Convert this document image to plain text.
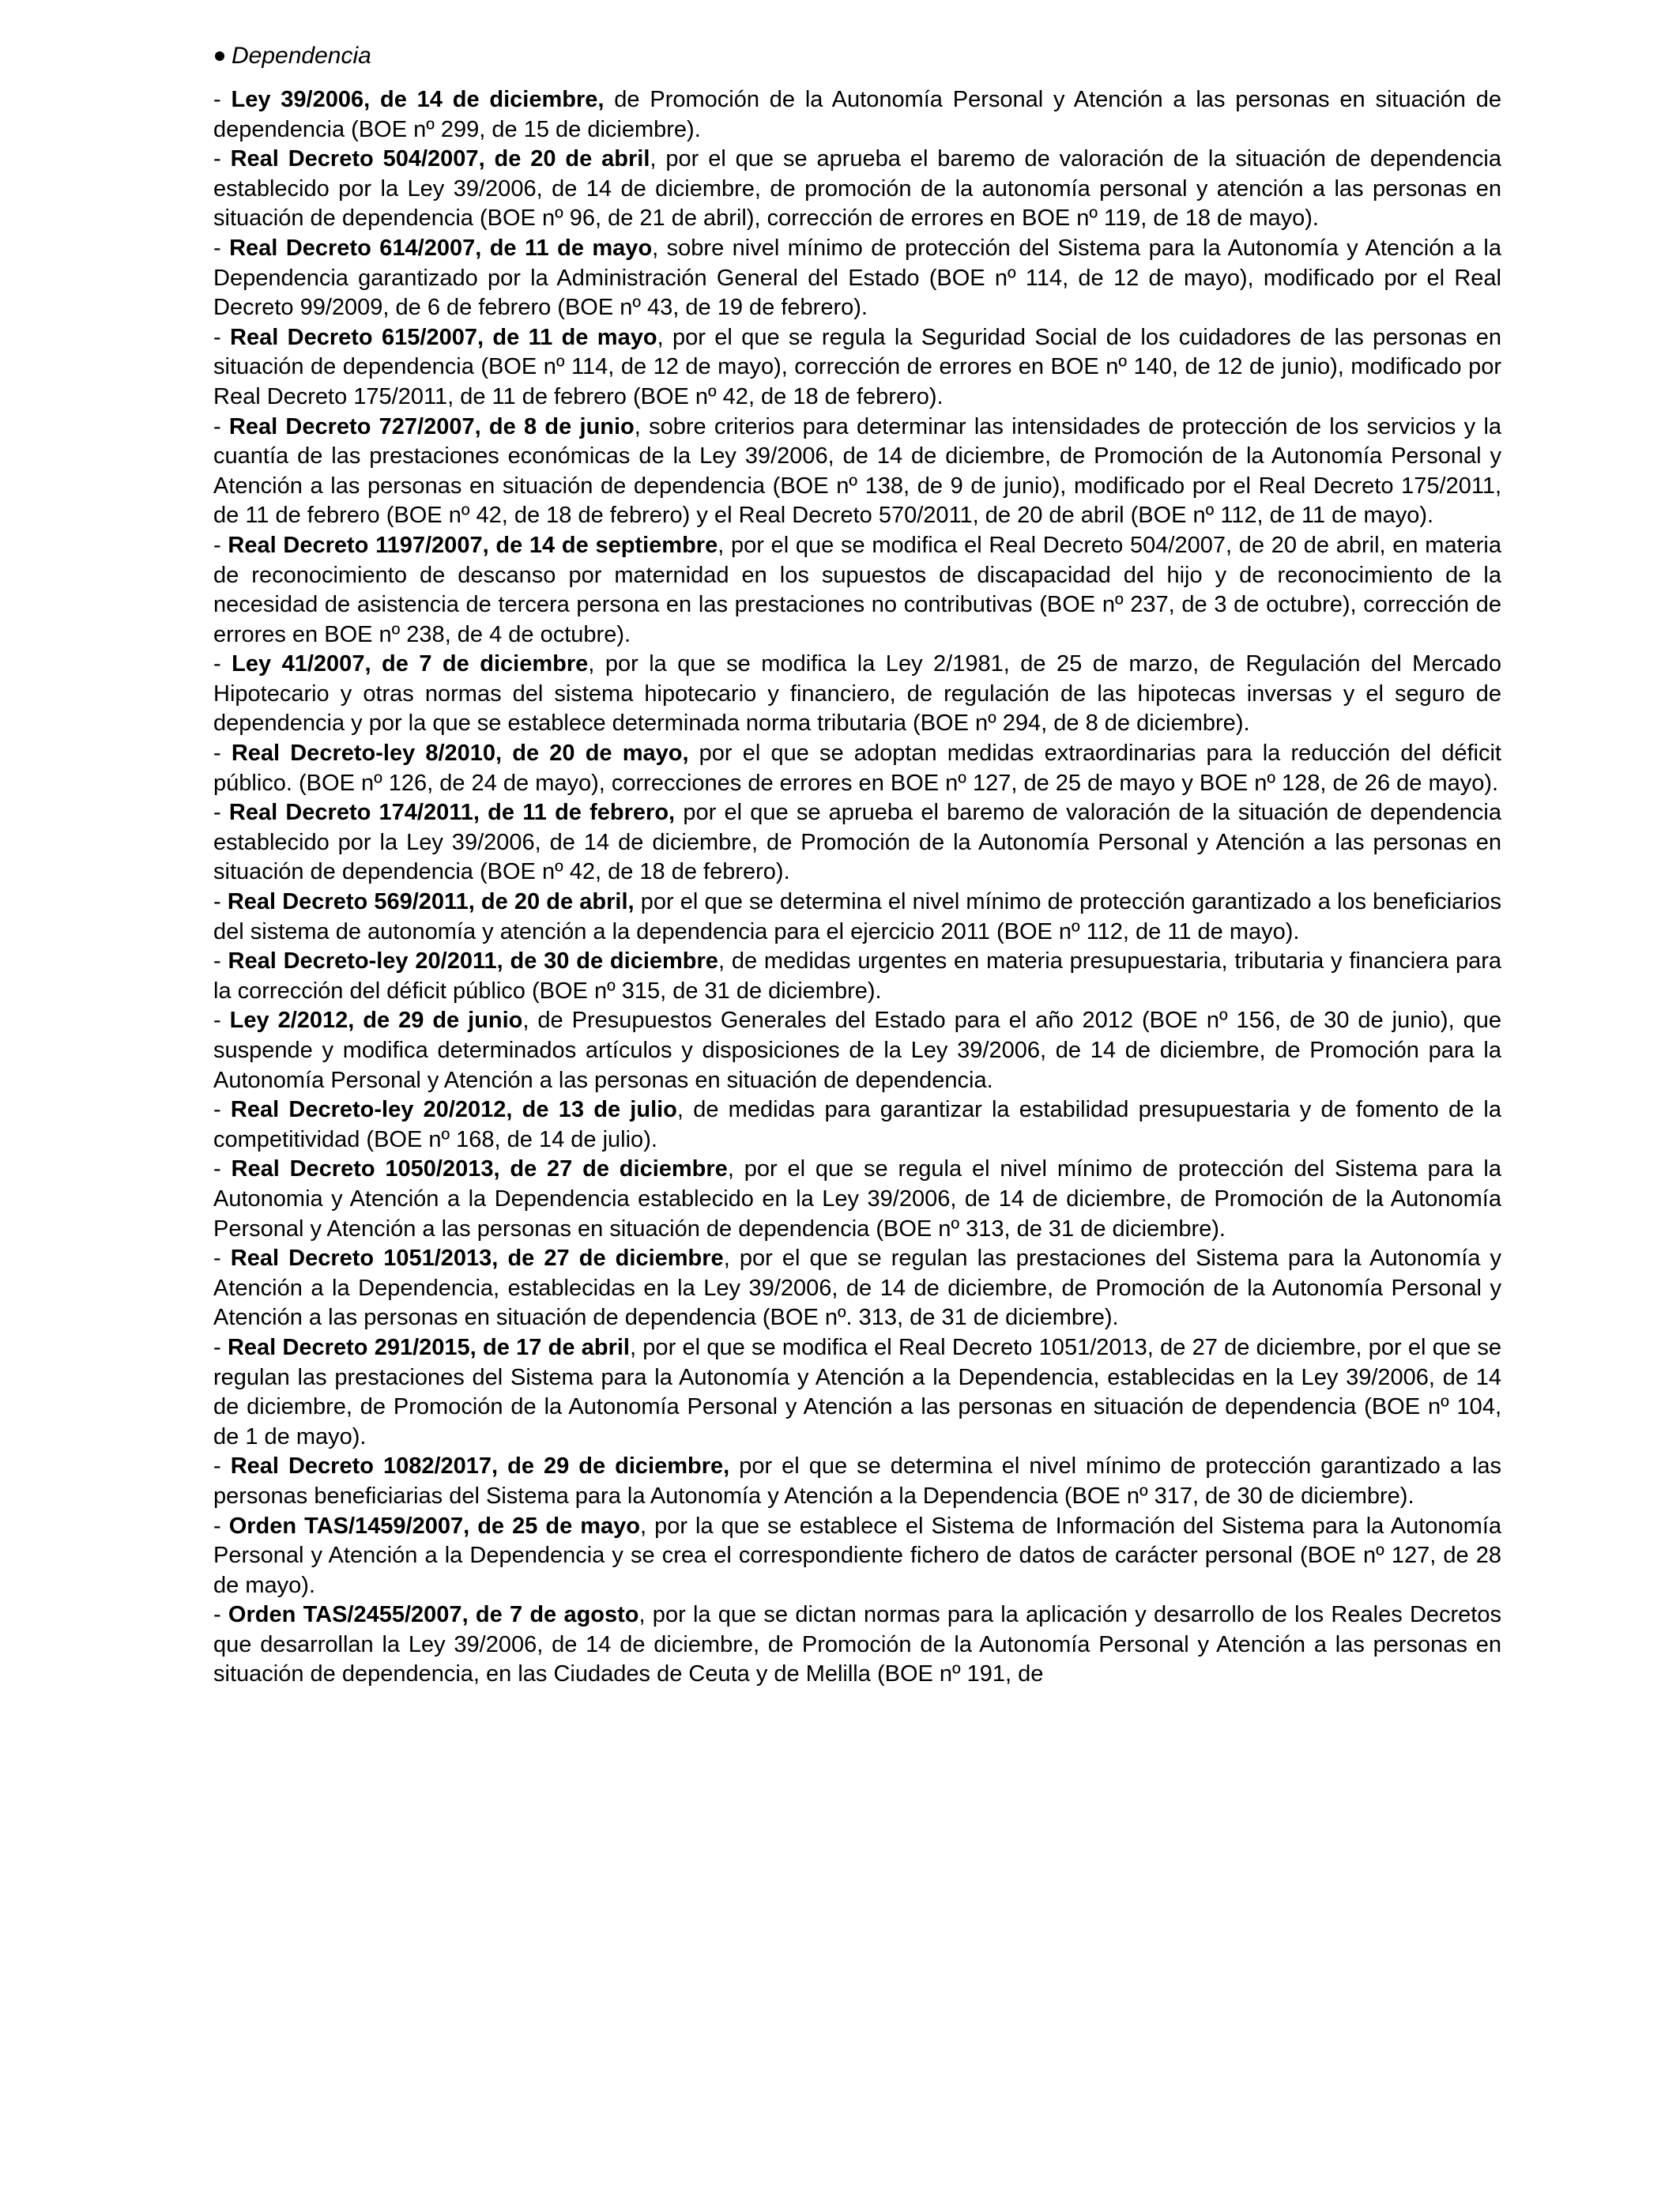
Dependencia

- Ley 39/2006, de 14 de diciembre, de Promoción de la Autonomía Personal y Atención a las personas en situación de dependencia (BOE nº 299, de 15 de diciembre).

- Real Decreto 504/2007, de 20 de abril, por el que se aprueba el baremo de valoración de la situación de dependencia establecido por la Ley 39/2006, de 14 de diciembre, de promoción de la autonomía personal y atención a las personas en situación de dependencia (BOE nº 96, de 21 de abril), corrección de errores en BOE nº 119, de 18 de mayo).

- Real Decreto 614/2007, de 11 de mayo, sobre nivel mínimo de protección del Sistema para la Autonomía y Atención a la Dependencia garantizado por la Administración General del Estado (BOE nº 114, de 12 de mayo), modificado por el Real Decreto 99/2009, de 6 de febrero (BOE nº 43, de 19 de febrero).

- Real Decreto 615/2007, de 11 de mayo, por el que se regula la Seguridad Social de los cuidadores de las personas en situación de dependencia (BOE nº 114, de 12 de mayo), corrección de errores en BOE nº 140, de 12 de junio), modificado por Real Decreto 175/2011, de 11 de febrero (BOE nº 42, de 18 de febrero).

- Real Decreto 727/2007, de 8 de junio, sobre criterios para determinar las intensidades de protección de los servicios y la cuantía de las prestaciones económicas de la Ley 39/2006, de 14 de diciembre, de Promoción de la Autonomía Personal y Atención a las personas en situación de dependencia (BOE nº 138, de 9 de junio), modificado por el Real Decreto 175/2011, de 11 de febrero (BOE nº 42, de 18 de febrero) y el Real Decreto 570/2011, de 20 de abril (BOE nº 112, de 11 de mayo).

- Real Decreto 1197/2007, de 14 de septiembre, por el que se modifica el Real Decreto 504/2007, de 20 de abril, en materia de reconocimiento de descanso por maternidad en los supuestos de discapacidad del hijo y de reconocimiento de la necesidad de asistencia de tercera persona en las prestaciones no contributivas (BOE nº 237, de 3 de octubre), corrección de errores en BOE nº 238, de 4 de octubre).

- Ley 41/2007, de 7 de diciembre, por la que se modifica la Ley 2/1981, de 25 de marzo, de Regulación del Mercado Hipotecario y otras normas del sistema hipotecario y financiero, de regulación de las hipotecas inversas y el seguro de dependencia y por la que se establece determinada norma tributaria (BOE nº 294, de 8 de diciembre).

- Real Decreto-ley 8/2010, de 20 de mayo, por el que se adoptan medidas extraordinarias para la reducción del déficit público. (BOE nº 126, de 24 de mayo), correcciones de errores en BOE nº 127, de 25 de mayo y BOE nº 128, de 26 de mayo).

- Real Decreto 174/2011, de 11 de febrero, por el que se aprueba el baremo de valoración de la situación de dependencia establecido por la Ley 39/2006, de 14 de diciembre, de Promoción de la Autonomía Personal y Atención a las personas en situación de dependencia (BOE nº 42, de 18 de febrero).

- Real Decreto 569/2011, de 20 de abril, por el que se determina el nivel mínimo de protección garantizado a los beneficiarios del sistema de autonomía y atención a la dependencia para el ejercicio 2011 (BOE nº 112, de 11 de mayo).

- Real Decreto-ley 20/2011, de 30 de diciembre, de medidas urgentes en materia presupuestaria, tributaria y financiera para la corrección del déficit público (BOE nº 315, de 31 de diciembre).

- Ley 2/2012, de 29 de junio, de Presupuestos Generales del Estado para el año 2012 (BOE nº 156, de 30 de junio), que suspende y modifica determinados artículos y disposiciones de la Ley 39/2006, de 14 de diciembre, de Promoción para la Autonomía Personal y Atención a las personas en situación de dependencia.

- Real Decreto-ley 20/2012, de 13 de julio, de medidas para garantizar la estabilidad presupuestaria y de fomento de la competitividad (BOE nº 168, de 14 de julio).

- Real Decreto 1050/2013, de 27 de diciembre, por el que se regula el nivel mínimo de protección del Sistema para la Autonomia y Atención a la Dependencia establecido en la Ley 39/2006, de 14 de diciembre, de Promoción de la Autonomía Personal y Atención a las personas en situación de dependencia (BOE nº 313, de 31 de diciembre).

- Real Decreto 1051/2013, de 27 de diciembre, por el que se regulan las prestaciones del Sistema para la Autonomía y Atención a la Dependencia, establecidas en la Ley 39/2006, de 14 de diciembre, de Promoción de la Autonomía Personal y Atención a las personas en situación de dependencia (BOE nº. 313, de 31 de diciembre).

- Real Decreto 291/2015, de 17 de abril, por el que se modifica el Real Decreto 1051/2013, de 27 de diciembre, por el que se regulan las prestaciones del Sistema para la Autonomía y Atención a la Dependencia, establecidas en la Ley 39/2006, de 14 de diciembre, de Promoción de la Autonomía Personal y Atención a las personas en situación de dependencia (BOE nº 104, de 1 de mayo).

- Real Decreto 1082/2017, de 29 de diciembre, por el que se determina el nivel mínimo de protección garantizado a las personas beneficiarias del Sistema para la Autonomía y Atención a la Dependencia (BOE nº 317, de 30 de diciembre).

- Orden TAS/1459/2007, de 25 de mayo, por la que se establece el Sistema de Información del Sistema para la Autonomía Personal y Atención a la Dependencia y se crea el correspondiente fichero de datos de carácter personal (BOE nº 127, de 28 de mayo).

- Orden TAS/2455/2007, de 7 de agosto, por la que se dictan normas para la aplicación y desarrollo de los Reales Decretos que desarrollan la Ley 39/2006, de 14 de diciembre, de Promoción de la Autonomía Personal y Atención a las personas en situación de dependencia, en las Ciudades de Ceuta y de Melilla (BOE nº 191, de
